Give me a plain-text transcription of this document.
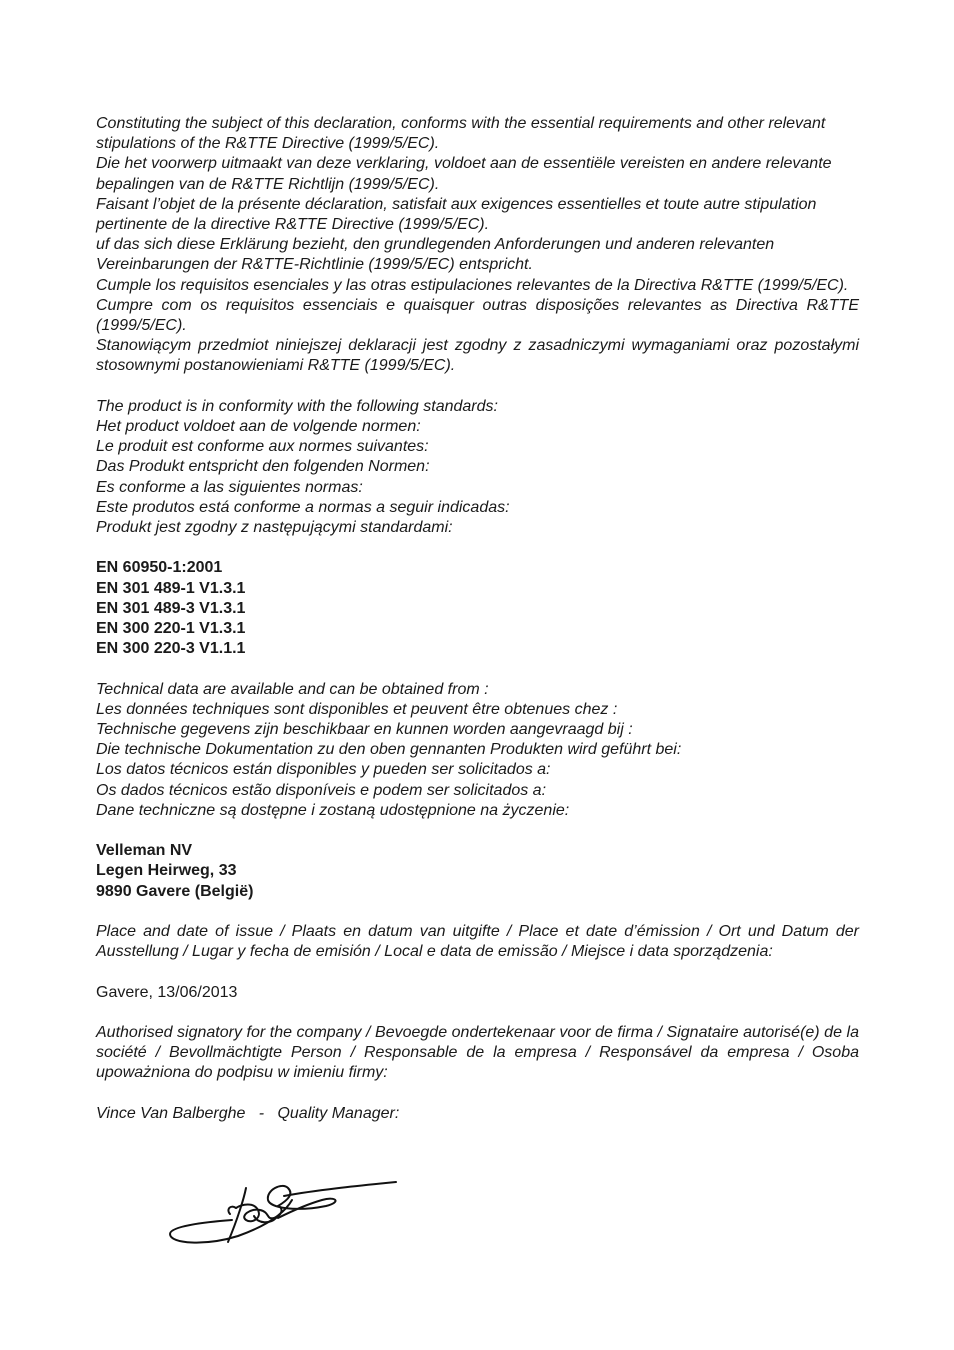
Constituting the subject of this declaration, conforms with the essential requirements and other relevant stipulations of the R&TTE Directive (1999/5/EC).
Die het voorwerp uitmaakt van deze verklaring, voldoet aan de essentiële vereisten en andere relevante bepalingen van de R&TTE Richtlijn (1999/5/EC).
Faisant l’objet de la présente déclaration, satisfait aux exigences essentielles et toute autre stipulation pertinente de la directive R&TTE Directive (1999/5/EC).
uf das sich diese Erklärung bezieht, den grundlegenden Anforderungen und anderen relevanten Vereinbarungen der R&TTE-Richtlinie (1999/5/EC) entspricht.
Cumple los requisitos esenciales y las otras estipulaciones relevantes de la Directiva R&TTE (1999/5/EC).
Cumpre com os requisitos essenciais e quaisquer outras disposições relevantes as Directiva R&TTE (1999/5/EC).
Stanowiącym przedmiot niniejszej deklaracji jest zgodny z zasadniczymi wymaganiami oraz pozostałymi stosownymi postanowieniami R&TTE (1999/5/EC).
The product is in conformity with the following standards:
Het product voldoet aan de volgende normen:
Le produit est conforme aux normes suivantes:
Das Produkt entspricht den folgenden Normen:
Es conforme a las siguientes normas:
Este produtos está conforme a normas a seguir indicadas:
Produkt jest zgodny z następującymi standardami:
EN 60950-1:2001
EN 301 489-1 V1.3.1
EN 301 489-3 V1.3.1
EN 300 220-1 V1.3.1
EN 300 220-3 V1.1.1
Technical data are available and can be obtained from :
Les données techniques sont disponibles et peuvent être obtenues chez :
Technische gegevens zijn beschikbaar en kunnen worden aangevraagd bij :
Die technische Dokumentation zu den oben gennanten Produkten wird geführt bei:
Los datos técnicos están disponibles y pueden ser solicitados a:
Os dados técnicos estão disponíveis e podem ser solicitados a:
Dane techniczne są dostępne i zostaną udostępnione na życzenie:
Velleman NV
Legen Heirweg, 33
9890 Gavere (België)
Place and date of issue / Plaats en datum van uitgifte / Place et date d’émission / Ort und Datum der Ausstellung / Lugar y fecha de emisión / Local e data de emissão / Miejsce i data sporządzenia:
Gavere, 13/06/2013
Authorised signatory for the company / Bevoegde ondertekenaar voor de firma / Signataire autorisé(e) de la société / Bevollmächtigte Person / Responsable de la empresa / Responsável da empresa / Osoba upoważniona do podpisu w imieniu firmy:
Vince Van Balberghe   -   Quality Manager:
